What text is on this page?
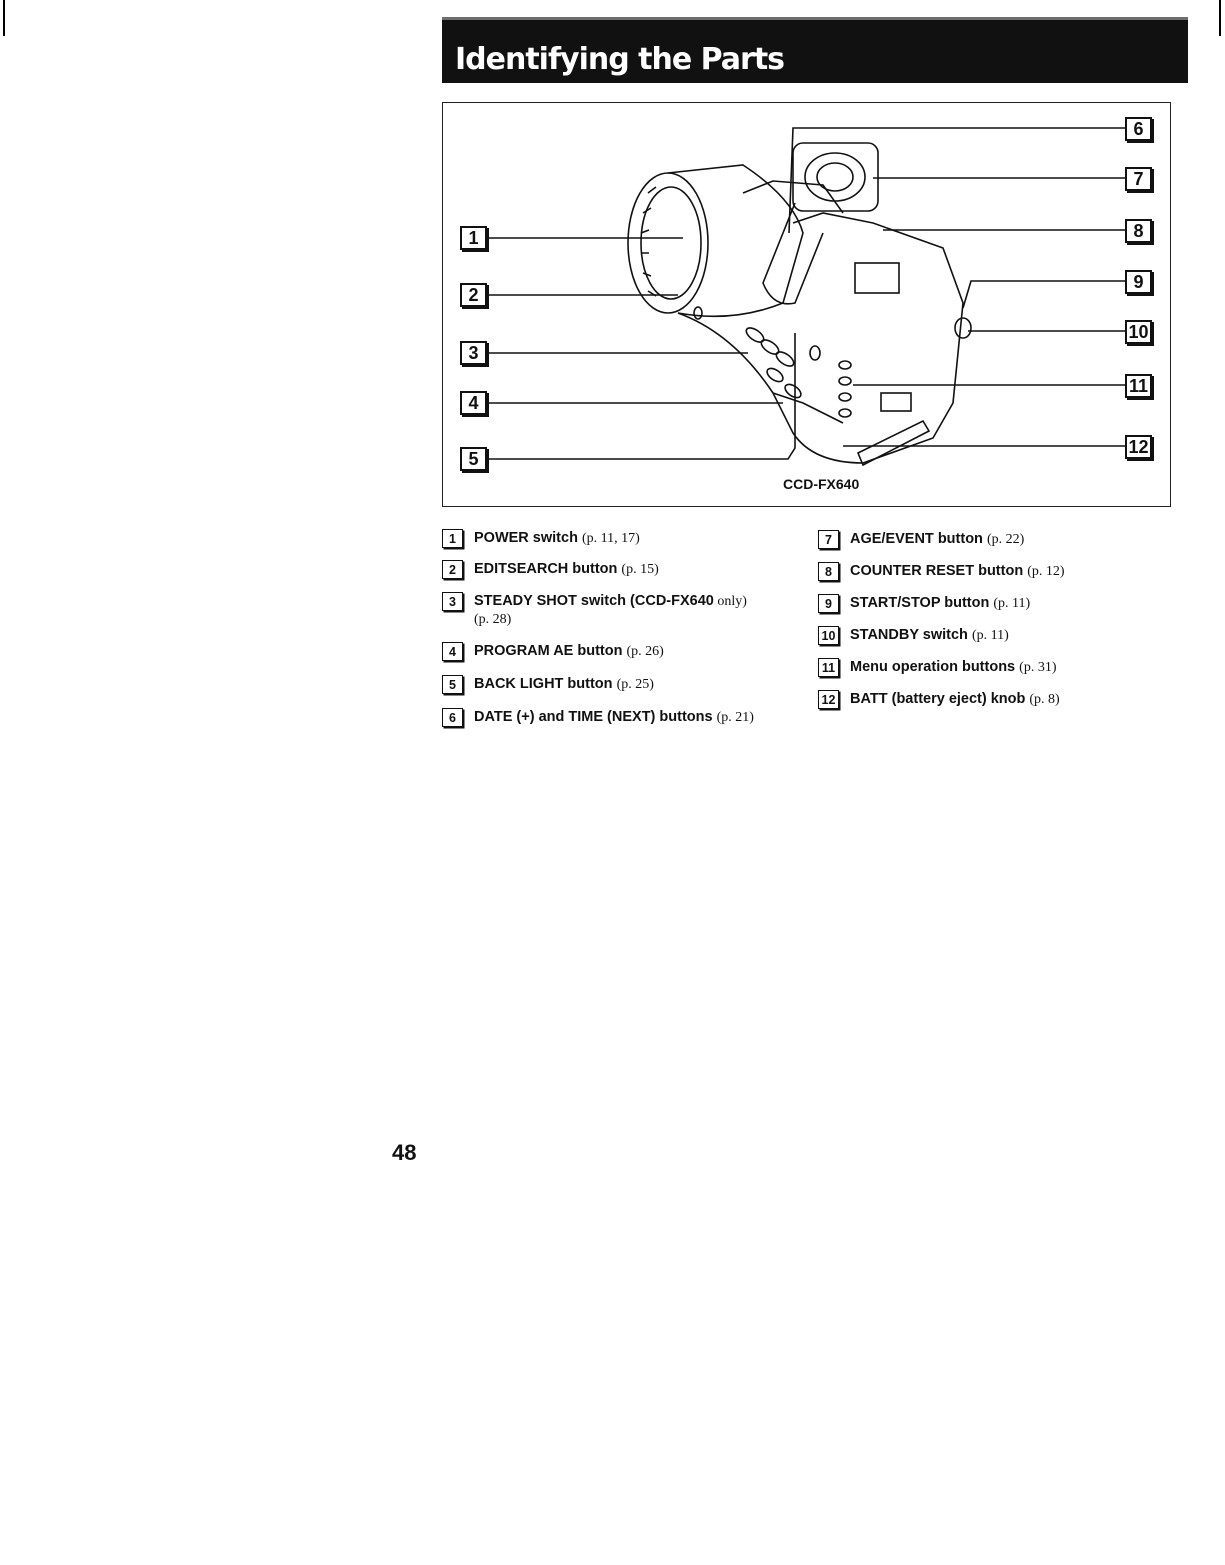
Identifying the Parts
1
2
3
4
5
6
7
8
9
10
11
12
CCD-FX640
1	POWER switch (p. 11, 17)
2	EDITSEARCH button (p. 15)
3	STEADY SHOT switch (CCD-FX640 only)
(p. 28)
4	PROGRAM AE button (p. 26)
5	BACK LIGHT button (p. 25)
6	DATE (+) and TIME (NEXT) buttons (p. 21)
7	AGE/EVENT button (p. 22)
8	COUNTER RESET button (p. 12)
9	START/STOP button (p. 11)
10 STANDBY switch (p. 11)
11 Menu operation buttons (p. 31)
12 BATT (battery eject) knob (p. 8)
48
